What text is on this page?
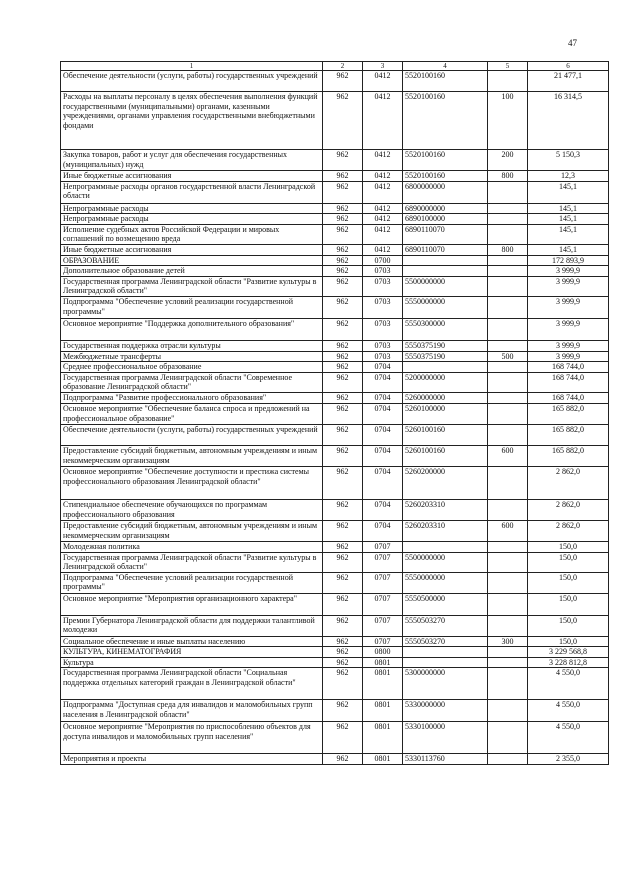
47
1	2	3	4	5	6
Обеспечение деятельности (услуги, работы) государственных учреждений	962	0412	5520100160		21 477,1
Расходы на выплаты персоналу в целях обеспечения выполнения функций государственными (муниципальными) органами, казенными учреждениями, органами управления государственными внебюджетными фондами	962	0412	5520100160	100	16 314,5
Закупка товаров, работ и услуг для обеспечения государственных (муниципальных) нужд	962	0412	5520100160	200	5 150,3
Иные бюджетные ассигнования	962	0412	5520100160	800	12,3
Непрограммные расходы органов государственной власти Ленинградской области	962	0412	6800000000		145,1
Непрограммные расходы	962	0412	6890000000		145,1
Непрограммные расходы	962	0412	6890100000		145,1
Исполнение судебных актов Российской Федерации и мировых соглашений по возмещению вреда	962	0412	6890110070		145,1
Иные бюджетные ассигнования	962	0412	6890110070	800	145,1
ОБРАЗОВАНИЕ	962	0700			172 893,9
Дополнительное образование детей	962	0703			3 999,9
Государственная программа Ленинградской области "Развитие культуры в Ленинградской области"	962	0703	5500000000		3 999,9
Подпрограмма "Обеспечение условий реализации государственной программы"	962	0703	5550000000		3 999,9
Основное мероприятие "Поддержка дополнительного образования"	962	0703	5550300000		3 999,9
Государственная поддержка отрасли культуры	962	0703	5550375190		3 999,9
Межбюджетные трансферты	962	0703	5550375190	500	3 999,9
Среднее профессиональное образование	962	0704			168 744,0
Государственная программа Ленинградской области "Современное образование Ленинградской области"	962	0704	5200000000		168 744,0
Подпрограмма "Развитие профессионального образования"	962	0704	5260000000		168 744,0
Основное мероприятие "Обеспечение баланса спроса и предложений на профессиональное образование"	962	0704	5260100000		165 882,0
Обеспечение деятельности (услуги, работы) государственных учреждений	962	0704	5260100160		165 882,0
Предоставление субсидий бюджетным, автономным учреждениям и иным некоммерческим организациям	962	0704	5260100160	600	165 882,0
Основное мероприятие "Обеспечение доступности и престижа системы профессионального образования Ленинградской области"	962	0704	5260200000		2 862,0
Стипендиальное обеспечение обучающихся по программам профессионального образования	962	0704	5260203310		2 862,0
Предоставление субсидий бюджетным, автономным учреждениям и иным некоммерческим организациям	962	0704	5260203310	600	2 862,0
Молодежная политика	962	0707			150,0
Государственная программа Ленинградской области "Развитие культуры в Ленинградской области"	962	0707	5500000000		150,0
Подпрограмма "Обеспечение условий реализации государственной программы"	962	0707	5550000000		150,0
Основное мероприятие "Мероприятия организационного характера"	962	0707	5550500000		150,0
Премии Губернатора Ленинградской области для поддержки талантливой молодежи	962	0707	5550503270		150,0
Социальное обеспечение и иные выплаты населению	962	0707	5550503270	300	150,0
КУЛЬТУРА, КИНЕМАТОГРАФИЯ	962	0800			3 229 568,8
Культура	962	0801			3 228 812,8
Государственная программа Ленинградской области "Социальная поддержка отдельных категорий граждан в Ленинградской области"	962	0801	5300000000		4 550,0
Подпрограмма "Доступная среда для инвалидов и маломобильных групп населения в Ленинградской области"	962	0801	5330000000		4 550,0
Основное мероприятие "Мероприятия по приспособлению объектов для доступа инвалидов и маломобильных групп населения"	962	0801	5330100000		4 550,0
Мероприятия и проекты	962	0801	5330113760		2 355,0
